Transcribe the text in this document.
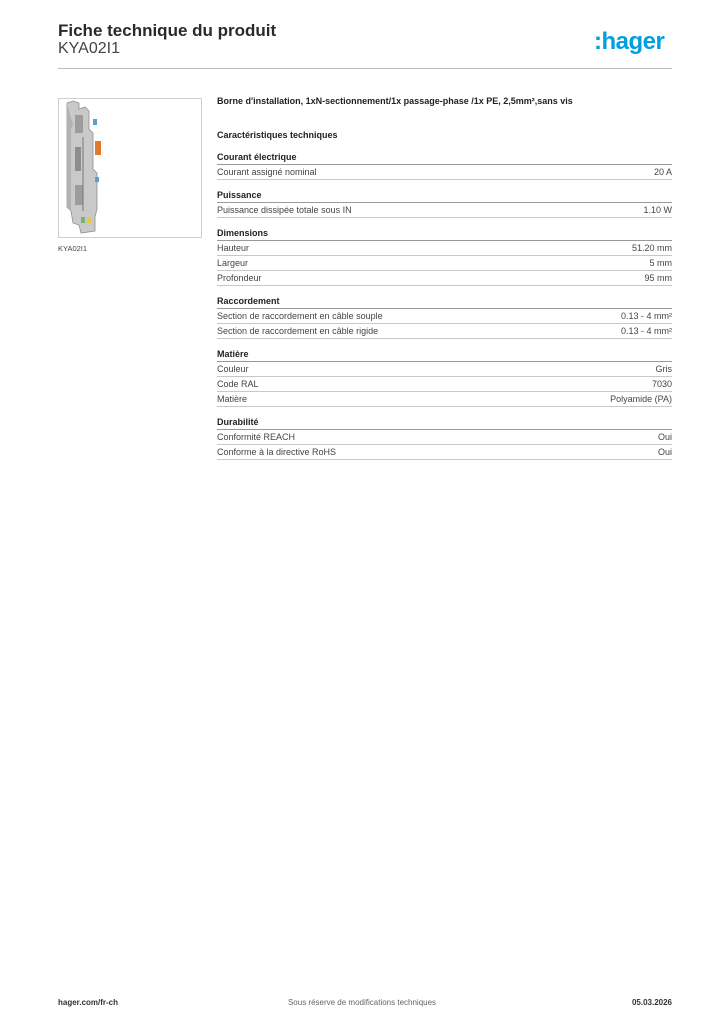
Fiche technique du produit
KYA02I1	:hager
KYA02I1
Borne d'installation, 1xN-sectionnement/1x passage-phase /1x PE, 2,5mm²,sans vis
Caractéristiques techniques
Courant électrique
Courant assigné nominal	20 A
Puissance
Puissance dissipée totale sous IN	1.10 W
Dimensions
Hauteur	51.20 mm
Largeur	5 mm
Profondeur	95 mm
Raccordement
Section de raccordement en câble souple	0.13 - 4 mm²
Section de raccordement en câble rigide	0.13 - 4 mm²
Matière
Couleur	Gris
Code RAL	7030
Matière	Polyamide (PA)
Durabilité
Conformité REACH	Oui
Conforme à la directive RoHS	Oui
hager.com/fr-ch	Sous réserve de modifications techniques	05.03.2026
